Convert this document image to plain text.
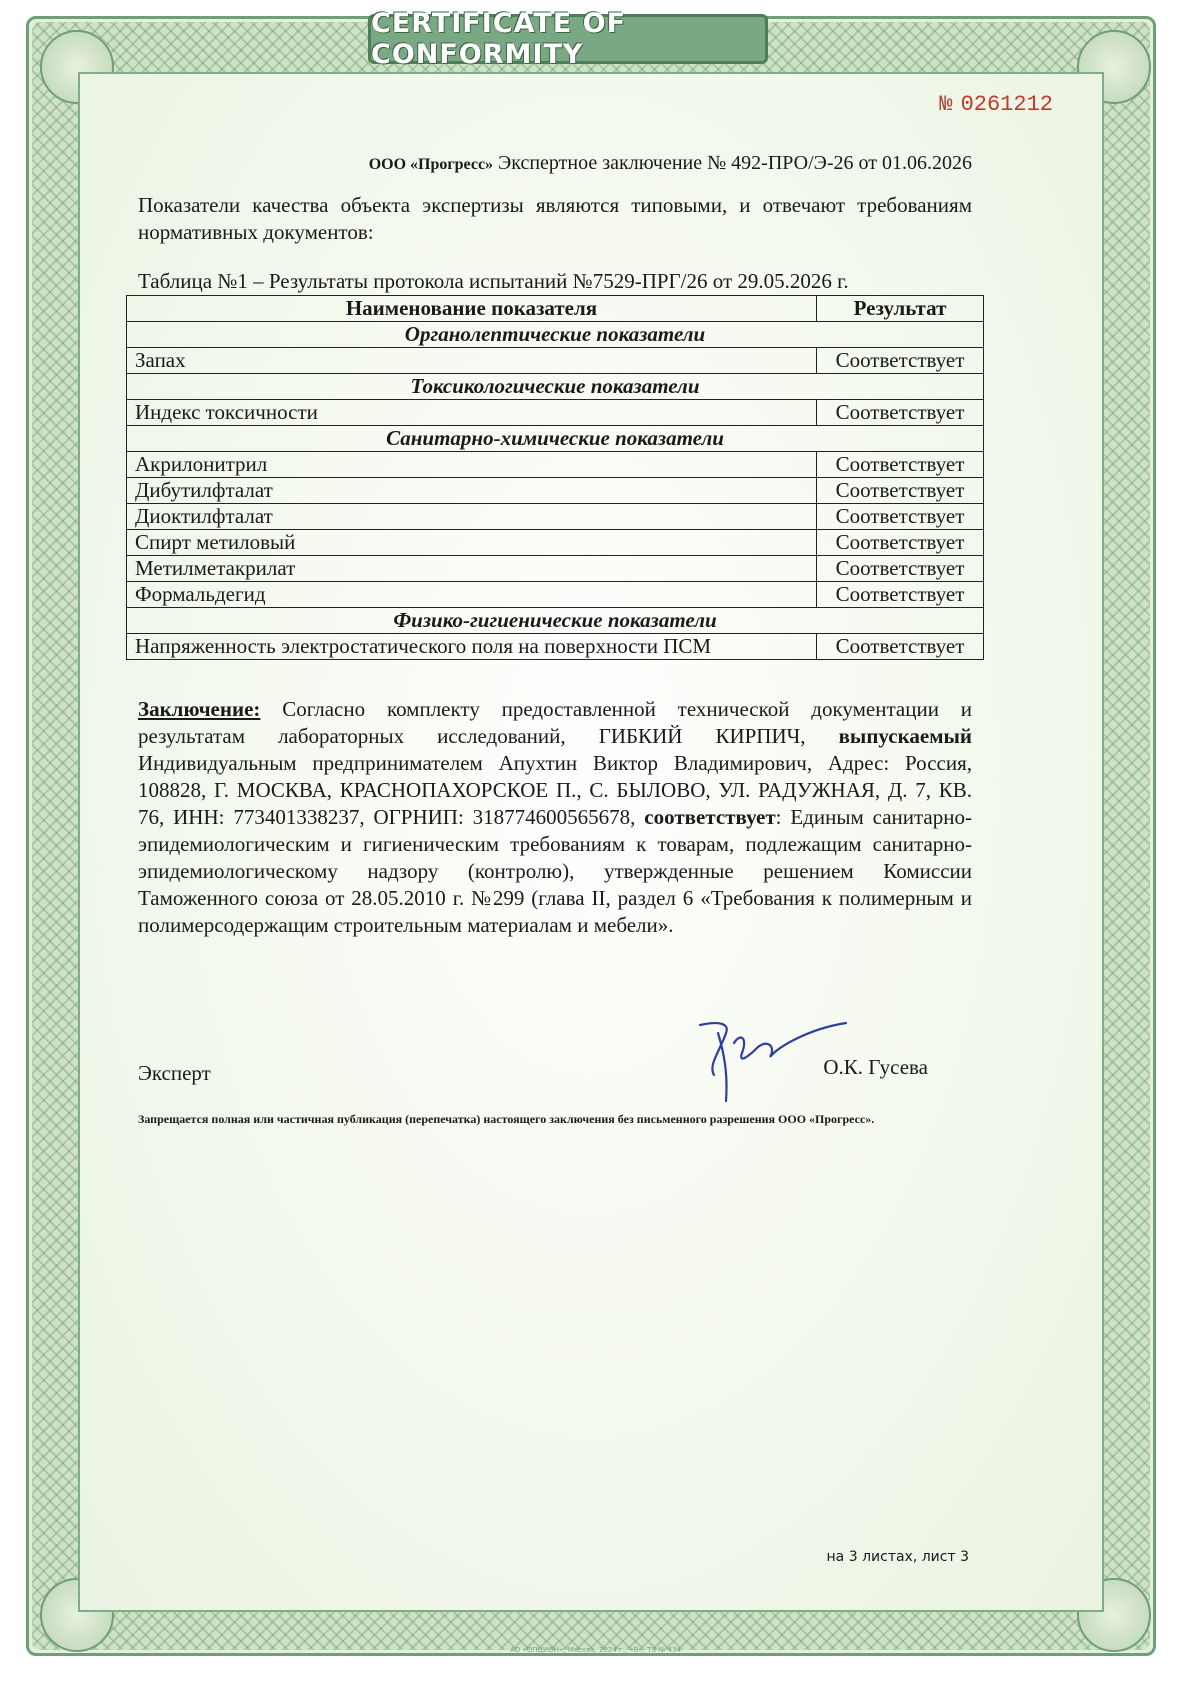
CERTIFICATE OF CONFORMITY
№ 0261212
ООО «Прогресс» Экспертное заключение № 492-ПРО/Э-26 от 01.06.2026
Показатели качества объекта экспертизы являются типовыми, и отвечают требованиям нормативных документов:
Таблица №1 – Результаты протокола испытаний №7529-ПРГ/26 от 29.05.2026 г.
Наименование показателя	Результат
Органолептические показатели	
Запах	Соответствует
Токсикологические показатели	
Индекс токсичности	Соответствует
Санитарно-химические показатели	
Акрилонитрил	Соответствует
Дибутилфталат	Соответствует
Диоктилфталат	Соответствует
Спирт метиловый	Соответствует
Метилметакрилат	Соответствует
Формальдегид	Соответствует
Физико-гигиенические показатели	
Напряженность электростатического поля на поверхности ПСМ	Соответствует
Заключение: Согласно комплекту предоставленной технической документации и результатам лабораторных исследований, ГИБКИЙ КИРПИЧ, выпускаемый Индивидуальным предпринимателем Апухтин Виктор Владимирович, Адрес: Россия, 108828, Г. МОСКВА, КРАСНОПАХОРСКОЕ П., С. БЫЛОВО, УЛ. РАДУЖНАЯ, Д. 7, КВ. 76, ИНН: 773401338237, ОГРНИП: 318774600565678, соответствует: Единым санитарно-эпидемиологическим и гигиеническим требованиям к товарам, подлежащим санитарно-эпидемиологическому надзору (контролю), утвержденные решением Комиссии Таможенного союза от 28.05.2010 г. №299 (глава II, раздел 6 «Требования к полимерным и полимерсодержащим строительным материалам и мебели».
Эксперт	О.К. Гусева
Запрещается полная или частичная публикация (перепечатка) настоящего заключения без письменного разрешения ООО «Прогресс».
на 3 листах, лист 3
АО «ОПЦИОН», Москва, 2024 г., «В», ТЗ № 434
